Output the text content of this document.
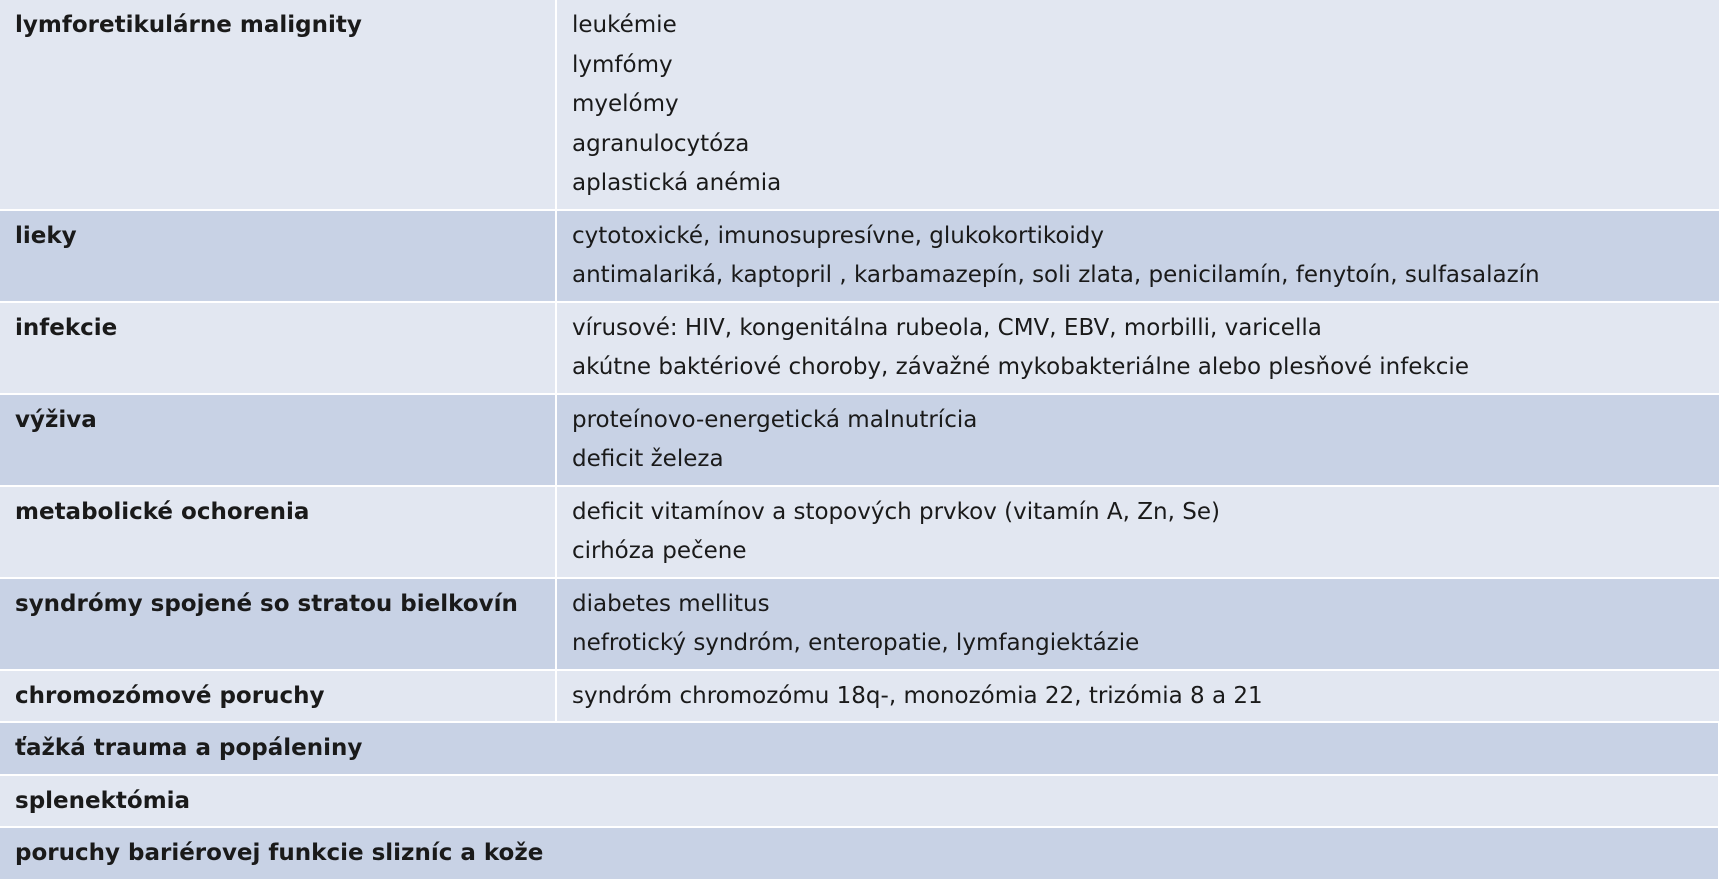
lymforetikulárne malignity	leukémie
lymfómy
myelómy
agranulocytóza
aplastická anémia

lieky	cytotoxické, imunosupresívne, glukokortikoidy
antimalariká, kaptopril , karbamazepín, soli zlata, penicilamín, fenytoín, sulfasalazín

infekcie	vírusové: HIV, kongenitálna rubeola, CMV, EBV, morbilli, varicella
akútne baktériové choroby, závažné mykobakteriálne alebo plesňové infekcie

výživa	proteínovo-energetická malnutrícia
deficit železa

metabolické ochorenia	deficit vitamínov a stopových prvkov (vitamín A, Zn, Se)
cirhóza pečene

syndrómy spojené so stratou bielkovín	diabetes mellitus
nefrotický syndróm, enteropatie, lymfangiektázie

chromozómové poruchy	syndróm chromozómu 18q-, monozómia 22, trizómia 8 a 21

ťažká trauma a popáleniny	
splenektómia	
poruchy bariérovej funkcie slizníc a kože	
